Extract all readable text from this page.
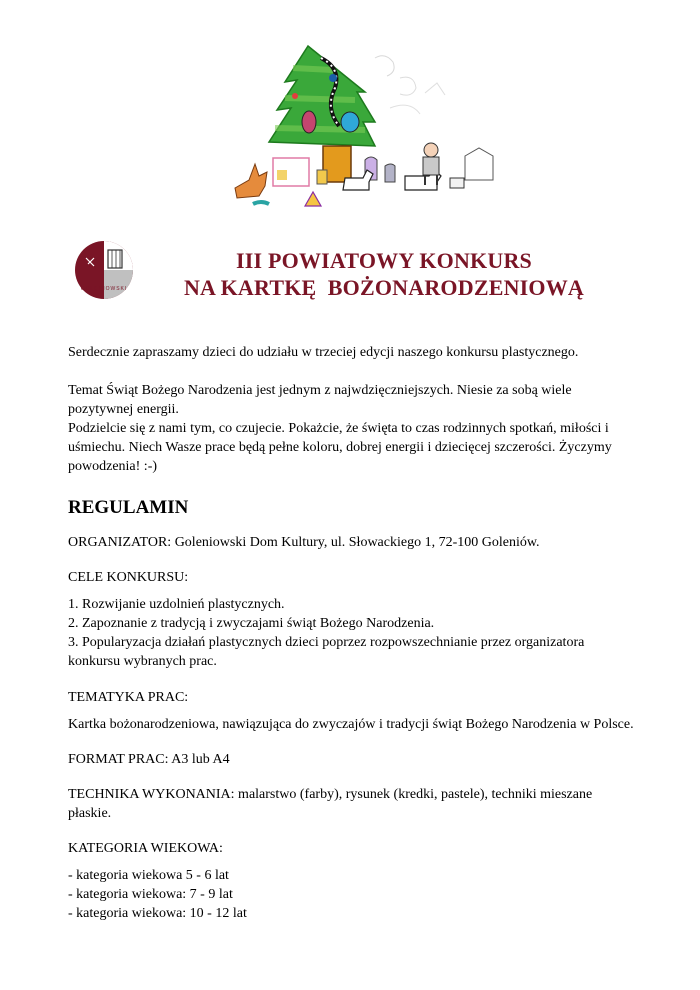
GOLENIOWSKI
III POWIATOWY KONKURS
NA KARTKĘ  BOŻONARODZENIOWĄ

Serdecznie zapraszamy dzieci do udziału w trzeciej edycji naszego konkursu plastycznego.

Temat Świąt Bożego Narodzenia jest jednym z najwdzięczniejszych. Niesie za sobą wiele pozytywnej energii.

Podzielcie się z nami tym, co czujecie. Pokażcie, że święta to czas rodzinnych spotkań, miłości i uśmiechu. Niech Wasze prace będą pełne koloru, dobrej energii i dziecięcej szczerości. Życzymy powodzenia! :-)

REGULAMIN

ORGANIZATOR: Goleniowski Dom Kultury, ul. Słowackiego 1, 72-100 Goleniów.

CELE KONKURSU:

1. Rozwijanie uzdolnień plastycznych.
2. Zapoznanie z tradycją i zwyczajami świąt Bożego Narodzenia.
3. Popularyzacja działań plastycznych dzieci poprzez rozpowszechnianie przez organizatora konkursu wybranych prac.

TEMATYKA PRAC:

Kartka bożonarodzeniowa, nawiązująca do zwyczajów i tradycji świąt Bożego Narodzenia w Polsce.

FORMAT PRAC: A3 lub A4

TECHNIKA WYKONANIA: malarstwo (farby), rysunek (kredki, pastele), techniki mieszane płaskie.

KATEGORIA WIEKOWA:

- kategoria wiekowa 5 - 6 lat
- kategoria wiekowa: 7 - 9 lat
- kategoria wiekowa: 10 - 12 lat
